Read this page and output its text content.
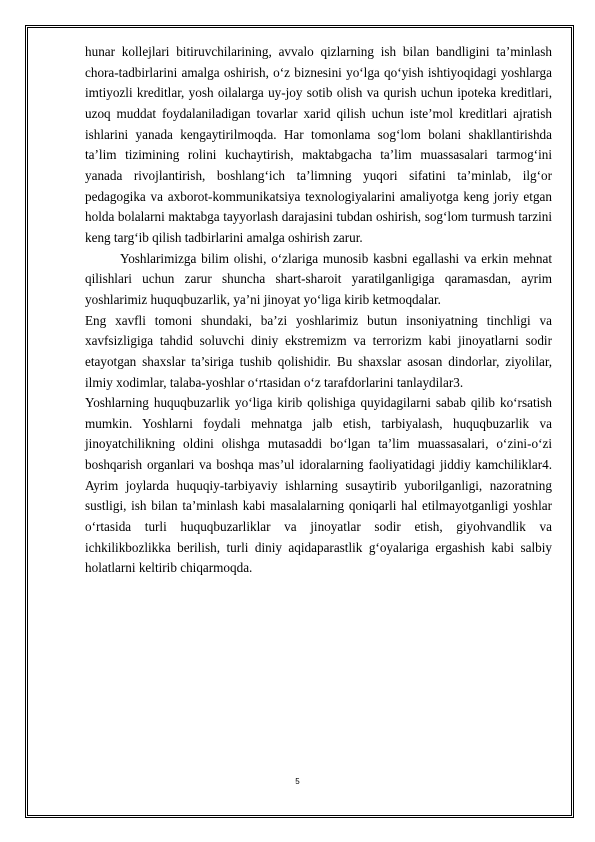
hunar kollejlari bitiruvchilarining, avvalo qizlarning ish bilan bandligini ta’minlash chora-tadbirlarini amalga oshirish, o‘z biznesini yo‘lga qo‘yish ishtiyoqidagi yoshlarga imtiyozli kreditlar, yosh oilalarga uy-joy sotib olish va qurish uchun ipoteka kreditlari, uzoq muddat foydalaniladigan tovarlar xarid qilish uchun iste’mol kreditlari ajratish ishlarini yanada kengaytirilmoqda. Har tomonlama sog‘lom bolani shakllantirishda ta’lim tizimining rolini kuchaytirish, maktabgacha ta’lim muassasalari tarmog‘ini yanada rivojlantirish, boshlang‘ich ta’limning yuqori sifatini ta’minlab, ilg‘or pedagogika va axborot-kommunikatsiya texnologiyalarini amaliyotga keng joriy etgan holda bolalarni maktabga tayyorlash darajasini tubdan oshirish, sog‘lom turmush tarzini keng targ‘ib qilish tadbirlarini amalga oshirish zarur.

Yoshlarimizga bilim olishi, o‘zlariga munosib kasbni egallashi va erkin mehnat qilishlari uchun zarur shuncha shart-sharoit yaratilganligiga qaramasdan, ayrim yoshlarimiz huquqbuzarlik, ya’ni jinoyat yo‘liga kirib ketmoqdalar.

Eng xavfli tomoni shundaki, ba’zi yoshlarimiz butun insoniyatning tinchligi va xavfsizligiga tahdid soluvchi diniy ekstremizm va terrorizm kabi jinoyatlarni sodir etayotgan shaxslar ta’siriga tushib qolishidir. Bu shaxslar asosan dindorlar, ziyolilar, ilmiy xodimlar, talaba-yoshlar o‘rtasidan o‘z tarafdorlarini tanlaydilar3.

Yoshlarning huquqbuzarlik yo‘liga kirib qolishiga quyidagilarni sabab qilib ko‘rsatish mumkin. Yoshlarni foydali mehnatga jalb etish, tarbiyalash, huquqbuzarlik va jinoyatchilikning oldini olishga mutasaddi bo‘lgan ta’lim muassasalari, o‘zini-o‘zi boshqarish organlari va boshqa mas’ul idoralarning faoliyatidagi jiddiy kamchiliklar4. Ayrim joylarda huquqiy-tarbiyaviy ishlarning susaytirib yuborilganligi, nazoratning sustligi, ish bilan ta’minlash kabi masalalarning qoniqarli hal etilmayotganligi yoshlar o‘rtasida turli huquqbuzarliklar va jinoyatlar sodir etish, giyohvandlik va ichkilikbozlikka berilish, turli diniy aqidaparastlik g‘oyalariga ergashish kabi salbiy holatlarni keltirib chiqarmoqda.

5
